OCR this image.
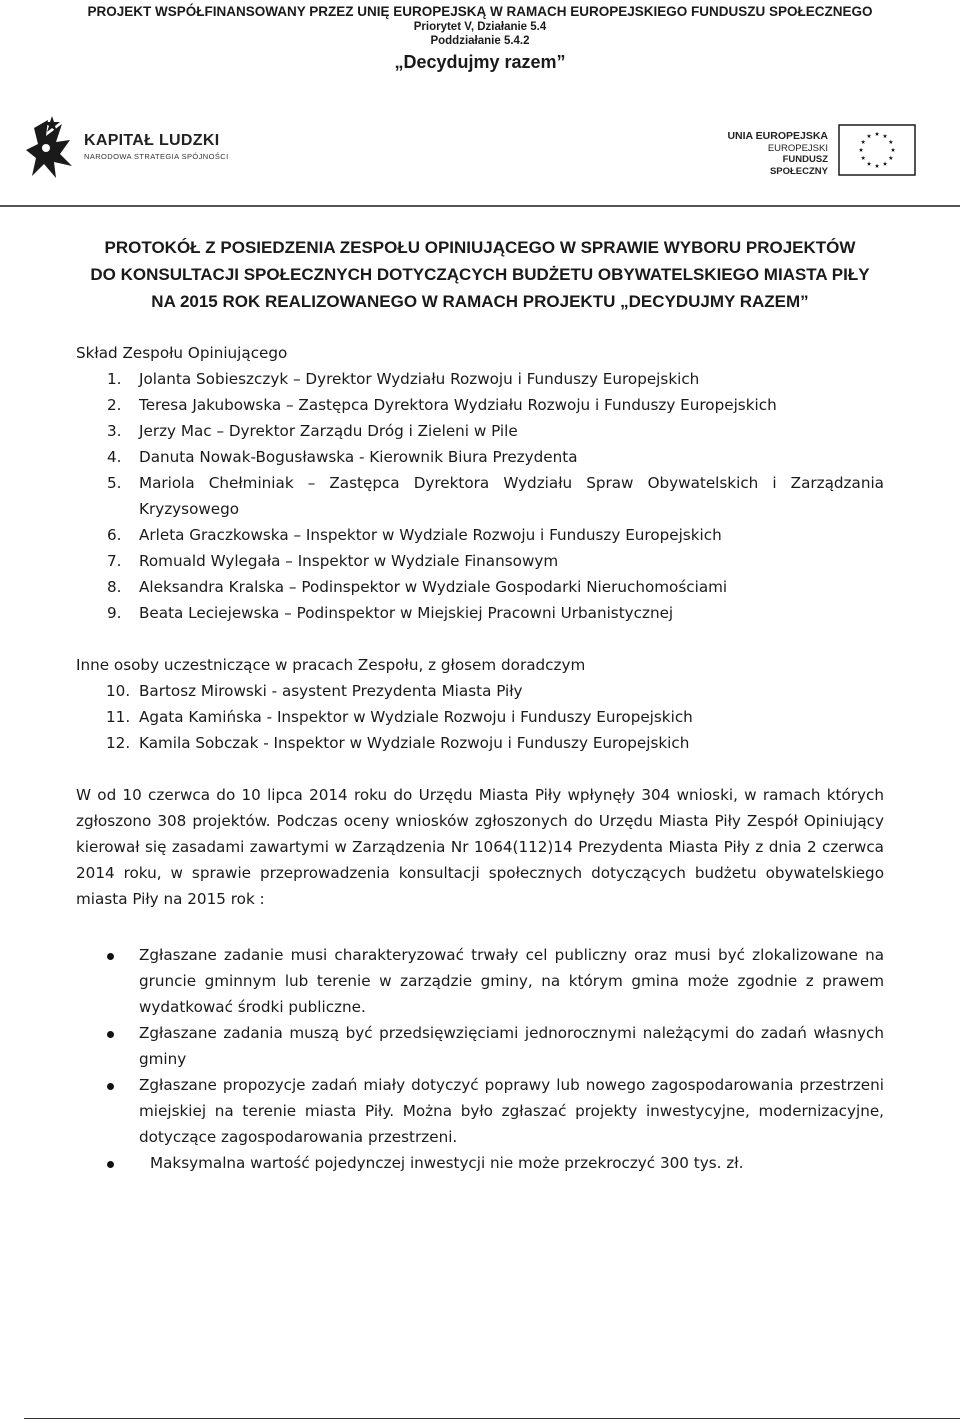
PROJEKT WSPÓŁFINANSOWANY PRZEZ UNIĘ EUROPEJSKĄ W RAMACH EUROPEJSKIEGO FUNDUSZU SPOŁECZNEGO
Priorytet V, Działanie 5.4
Poddziałanie 5.4.2
„Decydujmy razem”
KAPITAŁ LUDZKI
NARODOWA STRATEGIA SPÓJNOŚCI
UNIA EUROPEJSKA
EUROPEJSKI
FUNDUSZ SPOŁECZNY
PROTOKÓŁ Z POSIEDZENIA ZESPOŁU OPINIUJĄCEGO W SPRAWIE WYBORU PROJEKTÓW
DO KONSULTACJI SPOŁECZNYCH DOTYCZĄCYCH BUDŻETU OBYWATELSKIEGO MIASTA PIŁY
NA 2015 ROK REALIZOWANEGO W RAMACH PROJEKTU „DECYDUJMY RAZEM”

Skład Zespołu Opiniującego

1. Jolanta Sobieszczyk – Dyrektor Wydziału Rozwoju i Funduszy Europejskich
2. Teresa Jakubowska – Zastępca Dyrektora Wydziału Rozwoju i Funduszy Europejskich
3. Jerzy Mac – Dyrektor Zarządu Dróg i Zieleni w Pile
4. Danuta Nowak-Bogusławska - Kierownik Biura Prezydenta
5. Mariola Chełminiak – Zastępca Dyrektora Wydziału Spraw Obywatelskich i Zarządzania Kryzysowego
6. Arleta Graczkowska – Inspektor w Wydziale Rozwoju i Funduszy Europejskich
7. Romuald Wylegała – Inspektor w Wydziale Finansowym
8. Aleksandra Kralska – Podinspektor w Wydziale Gospodarki Nieruchomościami
9. Beata Leciejewska – Podinspektor w Miejskiej Pracowni Urbanistycznej

Inne osoby uczestniczące w pracach Zespołu, z głosem doradczym

10. Bartosz Mirowski - asystent Prezydenta Miasta Piły
11. Agata Kamińska - Inspektor w Wydziale Rozwoju i Funduszy Europejskich
12. Kamila Sobczak - Inspektor w Wydziale Rozwoju i Funduszy Europejskich

W od 10 czerwca do 10 lipca 2014 roku do Urzędu Miasta Piły wpłynęły 304 wnioski, w ramach których zgłoszono 308 projektów. Podczas oceny wniosków zgłoszonych do Urzędu Miasta Piły Zespół Opiniujący kierował się zasadami zawartymi w Zarządzenia Nr 1064(112)14 Prezydenta Miasta Piły z dnia 2 czerwca 2014 roku, w sprawie przeprowadzenia konsultacji społecznych dotyczących budżetu obywatelskiego miasta Piły na 2015 rok :

Zgłaszane zadanie musi charakteryzować trwały cel publiczny oraz musi być zlokalizowane na gruncie gminnym lub terenie w zarządzie gminy, na którym gmina może zgodnie z prawem wydatkować środki publiczne.
Zgłaszane zadania muszą być przedsięwzięciami jednorocznymi należącymi do zadań własnych gminy
Zgłaszane propozycje zadań miały dotyczyć poprawy lub nowego zagospodarowania przestrzeni miejskiej na terenie miasta Piły. Można było zgłaszać projekty inwestycyjne, modernizacyjne, dotyczące zagospodarowania przestrzeni.
Maksymalna wartość pojedynczej inwestycji nie może przekroczyć 300 tys. zł.
